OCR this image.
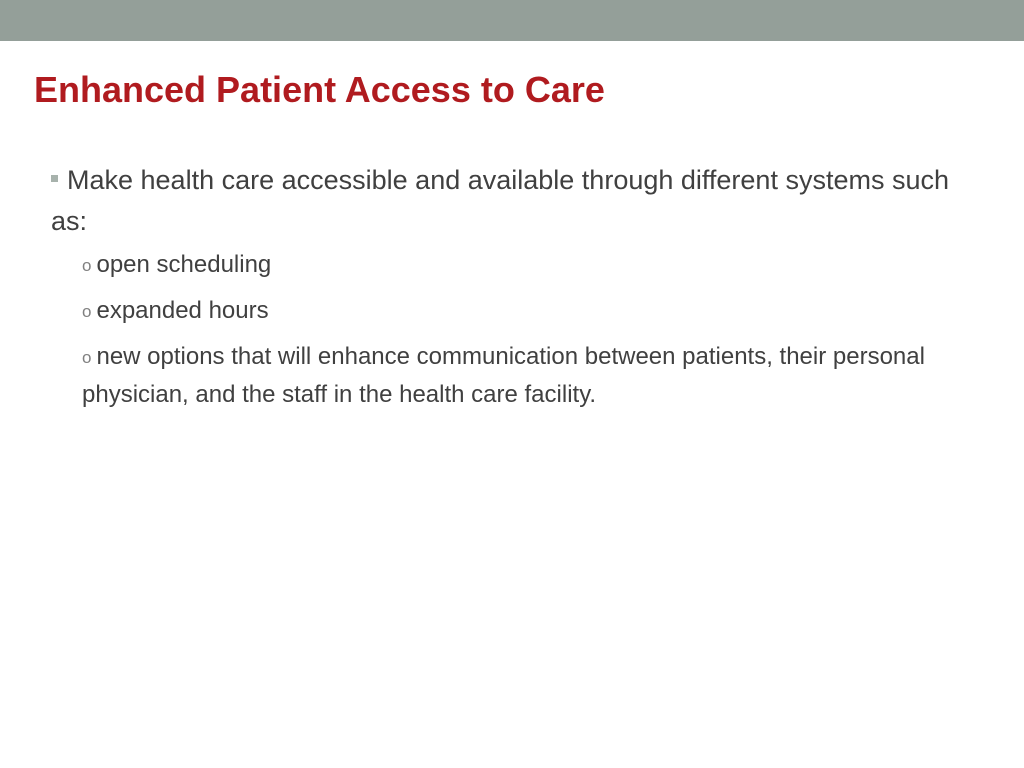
Enhanced Patient Access to Care

Make health care accessible and available through different systems such as:

o open scheduling
o expanded hours
o new options that will enhance communication between patients, their personal physician, and the staff in the health care facility.
